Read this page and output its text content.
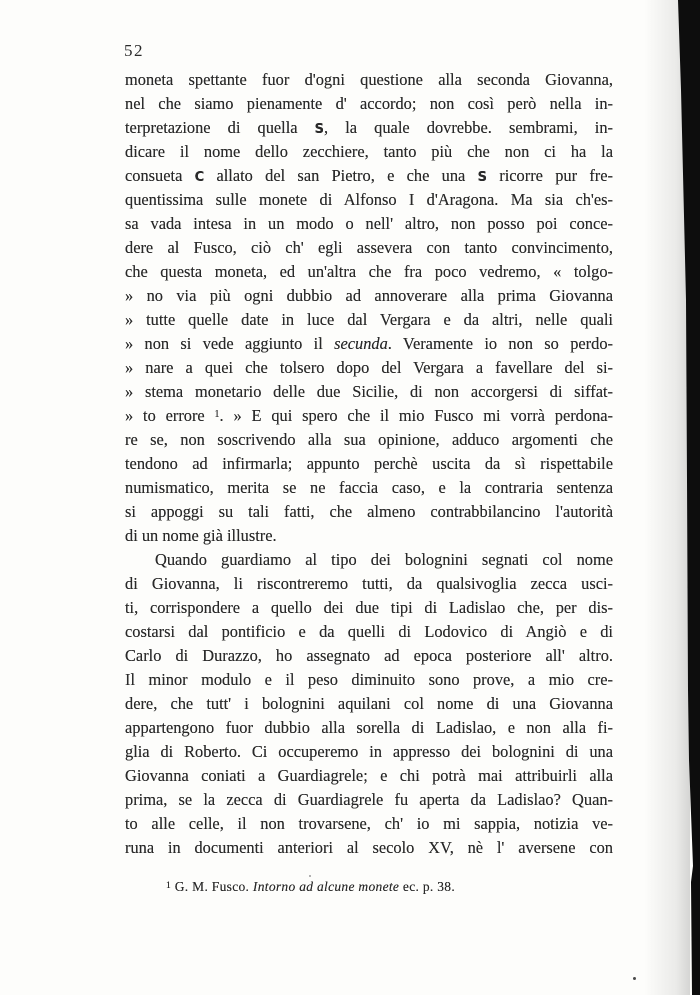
52
moneta spettante fuor d'ogni questione alla seconda Giovanna,
nel che siamo pienamente d' accordo; non così però nella in-
terpretazione di quella S, la quale dovrebbe. sembrami, in-
dicare il nome dello zecchiere, tanto più che non ci ha la
consueta C allato del san Pietro, e che una S ricorre pur fre-
quentissima sulle monete di Alfonso I d'Aragona. Ma sia ch'es-
sa vada intesa in un modo o nell' altro, non posso poi conce-
dere al Fusco, ciò ch' egli assevera con tanto convincimento,
che questa moneta, ed un'altra che fra poco vedremo, « tolgo-
» no via più ogni dubbio ad annoverare alla prima Giovanna
» tutte quelle date in luce dal Vergara e da altri, nelle quali
» non si vede aggiunto il secunda. Veramente io non so perdo-
» nare a quei che tolsero dopo del Vergara a favellare del si-
» stema monetario delle due Sicilie, di non accorgersi di siffat-
» to errore $^1$. » E qui spero che il mio Fusco mi vorrà perdona-
re se, non soscrivendo alla sua opinione, adduco argomenti che
tendono ad infirmarla; appunto perchè uscita da sì rispettabile
numismatico, merita se ne faccia caso, e la contraria sentenza
si appoggi su tali fatti, che almeno contrabbilancino l'autorità
di un nome già illustre.
Quando guardiamo al tipo dei bolognini segnati col nome
di Giovanna, li riscontreremo tutti, da qualsivoglia zecca usci-
ti, corrispondere a quello dei due tipi di Ladislao che, per dis-
costarsi dal pontificio e da quelli di Lodovico di Angiò e di
Carlo di Durazzo, ho assegnato ad epoca posteriore all' altro.
Il minor modulo e il peso diminuito sono prove, a mio cre-
dere, che tutt' i bolognini aquilani col nome di una Giovanna
appartengono fuor dubbio alla sorella di Ladislao, e non alla fi-
glia di Roberto. Ci occuperemo in appresso dei bolognini di una
Giovanna coniati a Guardiagrele; e chi potrà mai attribuirli alla
prima, se la zecca di Guardiagrele fu aperta da Ladislao? Quan-
to alle celle, il non trovarsene, ch' io mi sappia, notizia ve-
runa in documenti anteriori al secolo XV, nè l' aversene con
$^1$ G. M. Fusco. Intorno ad alcune monete ec. p. 38.
